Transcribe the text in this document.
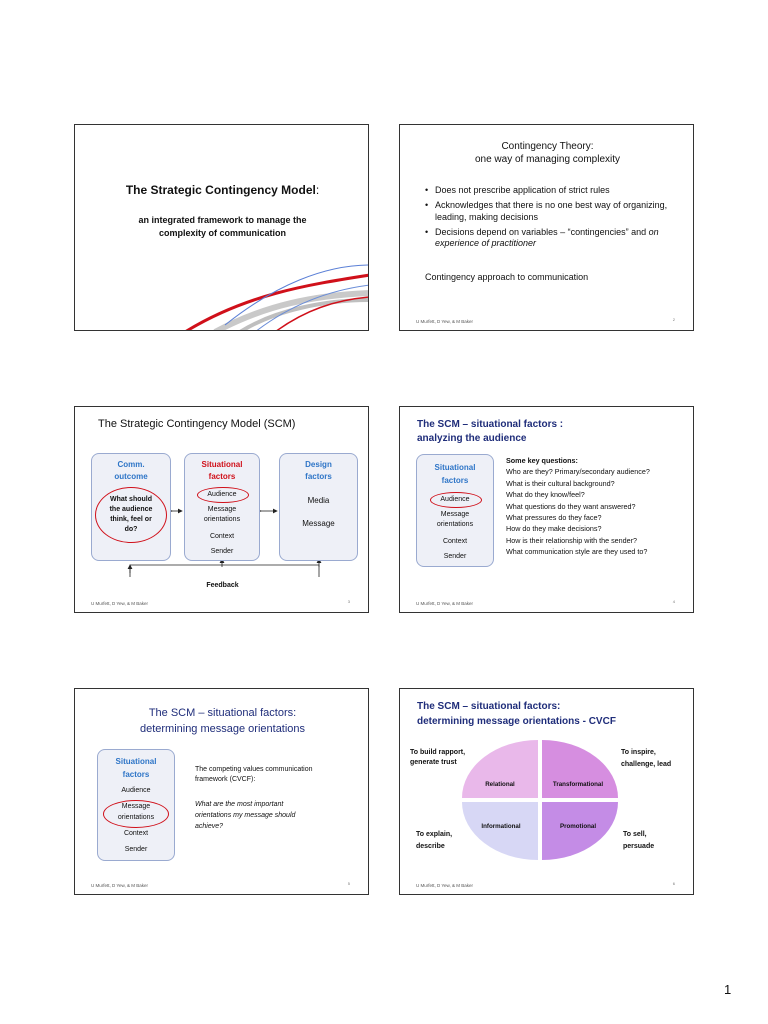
The Strategic Contingency Model:
an integrated framework to manage the
complexity of communication
Contingency Theory:
one way of managing complexity
• Does not prescribe application of strict rules
• Acknowledges that there is no one best way of organizing, leading, making decisions
• Decisions depend on variables – “contingencies” and on experience of practitioner
Contingency approach to communication
U Murfett, D Yew, & M Baker	2
The Strategic Contingency Model (SCM)
Comm.
outcome
What should
the audience
think, feel or
do?
Situational
factors
Audience
Message
orientations
Context
Sender
Design
factors
Media
Message
Feedback
U Murfett, D Yew, & M Baker	3
The SCM – situational factors :
analyzing the audience
Situational
factors
Audience
Message
orientations
Context
Sender
Some key questions:
Who are they? Primary/secondary audience?
What is their cultural background?
What do they know/feel?
What questions do they want answered?
What pressures do they face?
How do they make decisions?
How is their relationship with the sender?
What communication style are they used to?
U Murfett, D Yew, & M Baker	4
The SCM – situational factors:
determining message orientations
Situational
factors
Audience
Message
orientations
Context
Sender
The competing values communication
framework (CVCF):
What are the most important
orientations my message should
achieve?
U Murfett, D Yew, & M Baker	5
The SCM – situational factors:
determining message orientations - CVCF
Relational	Transformational
Informational	Promotional
To build rapport,
generate trust
To inspire,
challenge, lead
To explain,
describe
To sell,
persuade
U Murfett, D Yew, & M Baker	6
1
